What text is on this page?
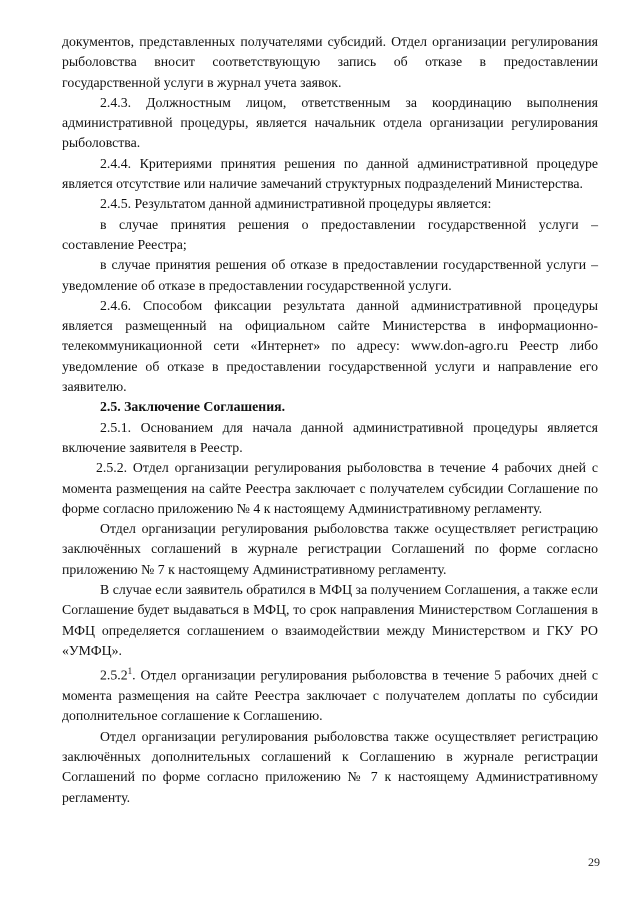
документов, представленных получателями субсидий. Отдел организации регулирования рыболовства вносит соответствующую запись об отказе в предоставлении государственной услуги в журнал учета заявок.

2.4.3. Должностным лицом, ответственным за координацию выполнения административной процедуры, является начальник отдела организации регулирования рыболовства.

2.4.4. Критериями принятия решения по данной административной процедуре является отсутствие или наличие замечаний структурных подразделений Министерства.

2.4.5. Результатом данной административной процедуры является:

в случае принятия решения о предоставлении государственной услуги – составление Реестра;

в случае принятия решения об отказе в предоставлении государственной услуги – уведомление об отказе в предоставлении государственной услуги.

2.4.6. Способом фиксации результата данной административной процедуры является размещенный на официальном сайте Министерства в информационно-телекоммуникационной сети «Интернет» по адресу: www.don-agro.ru Реестр либо уведомление об отказе в предоставлении государственной услуги и направление его заявителю.

2.5. Заключение Соглашения.

2.5.1. Основанием для начала данной административной процедуры является включение заявителя в Реестр.

2.5.2. Отдел организации регулирования рыболовства в течение 4 рабочих дней с момента размещения на сайте Реестра заключает с получателем субсидии Соглашение по форме согласно приложению № 4 к настоящему Административному регламенту.

Отдел организации регулирования рыболовства также осуществляет регистрацию заключённых соглашений в журнале регистрации Соглашений по форме согласно приложению № 7 к настоящему Административному регламенту.

В случае если заявитель обратился в МФЦ за получением Соглашения, а также если Соглашение будет выдаваться в МФЦ, то срок направления Министерством Соглашения в МФЦ определяется соглашением о взаимодействии между Министерством и ГКУ РО «УМФЦ».

2.5.2$^1$. Отдел организации регулирования рыболовства в течение 5 рабочих дней с момента размещения на сайте Реестра заключает с получателем доплаты по субсидии дополнительное соглашение к Соглашению.

Отдел организации регулирования рыболовства также осуществляет регистрацию заключённых дополнительных соглашений к Соглашению в журнале регистрации Соглашений по форме согласно приложению № 7 к настоящему Административному регламенту.

29
